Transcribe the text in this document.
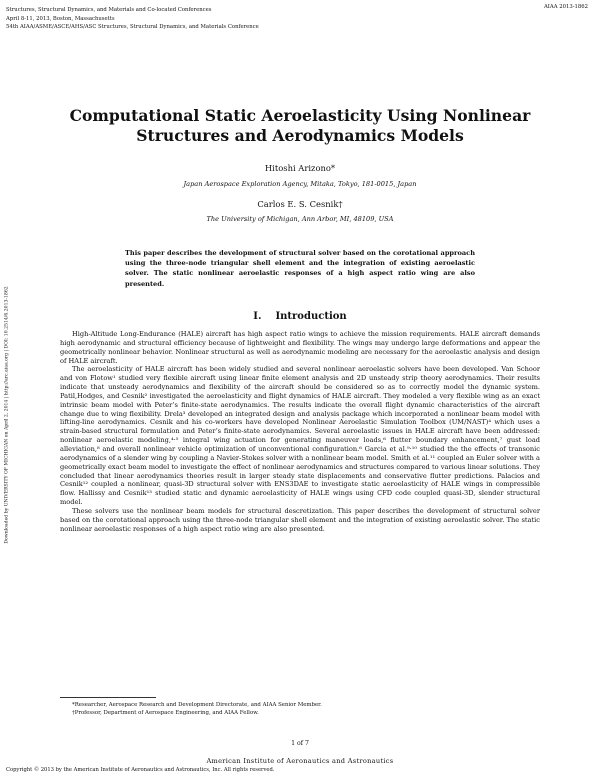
Structures, Structural Dynamics, and Materials and Co-located Conferences
April 8-11, 2013, Boston, Massachusetts
54th AIAA/ASME/ASCE/AHS/ASC Structures, Structural Dynamics, and Materials Conference
AIAA 2013-1862
Downloaded by UNIVERSITY OF MICHIGAN on April 2, 2014 | http://arc.aiaa.org | DOI: 10.2514/6.2013-1862
Computational Static Aeroelasticity Using Nonlinear
Structures and Aerodynamics Models
Hitoshi Arizono*
Japan Aerospace Exploration Agency, Mitaka, Tokyo, 181-0015, Japan
Carlos E. S. Cesnik†
The University of Michigan, Ann Arbor, MI, 48109, USA
This paper describes the development of structural solver based on the corotational approach using the three-node triangular shell element and the integration of existing aeroelastic solver. The static nonlinear aeroelastic responses of a high aspect ratio wing are also presented.
I. Introduction

High-Altitude Long-Endurance (HALE) aircraft has high aspect ratio wings to achieve the mission requirements. HALE aircraft demands high aerodynamic and structural efficiency because of lightweight and flexibility. The wings may undergo large deformations and appear the geometrically nonlinear behavior. Nonlinear structural as well as aerodynamic modeling are necessary for the aeroelastic analysis and design of HALE aircraft.

The aeroelasticity of HALE aircraft has been widely studied and several nonlinear aeroelastic solvers have been developed. Van Schoor and von Flotow¹ studied very flexible aircraft using linear finite element analysis and 2D unsteady strip theory aerodynamics. Their results indicate that unsteady aerodynamics and flexibility of the aircraft should be considered so as to correctly model the dynamic system. Patil,Hodges, and Cesnik² investigated the aeroelasticity and flight dynamics of HALE aircraft. They modeled a very flexible wing as an exact intrinsic beam model with Peter’s finite-state aerodynamics. The results indicate the overall flight dynamic characteristics of the aircraft change due to wing flexibility. Drela³ developed an integrated design and analysis package which incorporated a nonlinear beam model with lifting-line aerodynamics. Cesnik and his co-workers have developed Nonlinear Aeroelastic Simulation Toolbox (UM/NAST)⁴ which uses a strain-based structural formulation and Peter’s finite-state aerodynamics. Several aeroelastic issues in HALE aircraft have been addressed: nonlinear aeroelastic modeling,⁴·⁵ integral wing actuation for generating maneuver loads,⁶ flutter boundary enhancement,⁷ gust load alleviation,⁸ and overall nonlinear vehicle optimization of unconventional configuration.⁶ Garcia et al.⁹·¹⁰ studied the the effects of transonic aerodynamics of a slender wing by coupling a Navier-Stokes solver with a nonlinear beam model. Smith et al.¹¹ coupled an Euler solver with a geometrically exact beam model to investigate the effect of nonlinear aerodynamics and structures compared to various linear solutions. They concluded that linear aerodynamics theories result in larger steady state displacements and conservative flutter predictions. Palacios and Cesnik¹² coupled a nonlinear, quasi-3D structural solver with ENS3DAE to investigate static aeroelasticity of HALE wings in compressible flow. Hallissy and Cesnik¹³ studied static and dynamic aeroelasticity of HALE wings using CFD code coupled quasi-3D, slender structural model.

These solvers use the nonlinear beam models for structural descretization. This paper describes the development of structural solver based on the corotational approach using the three-node triangular shell element and the integration of existing aeroelastic solver. The static nonlinear aeroelastic responses of a high aspect ratio wing are also presented.

*Researcher, Aerospace Research and Development Directorate, and AIAA Senior Member.
†Professor, Department of Aerospace Engineering, and AIAA Fellow.
1 of 7
American Institute of Aeronautics and Astronautics
Copyright © 2013 by the American Institute of Aeronautics and Astronautics, Inc. All rights reserved.
